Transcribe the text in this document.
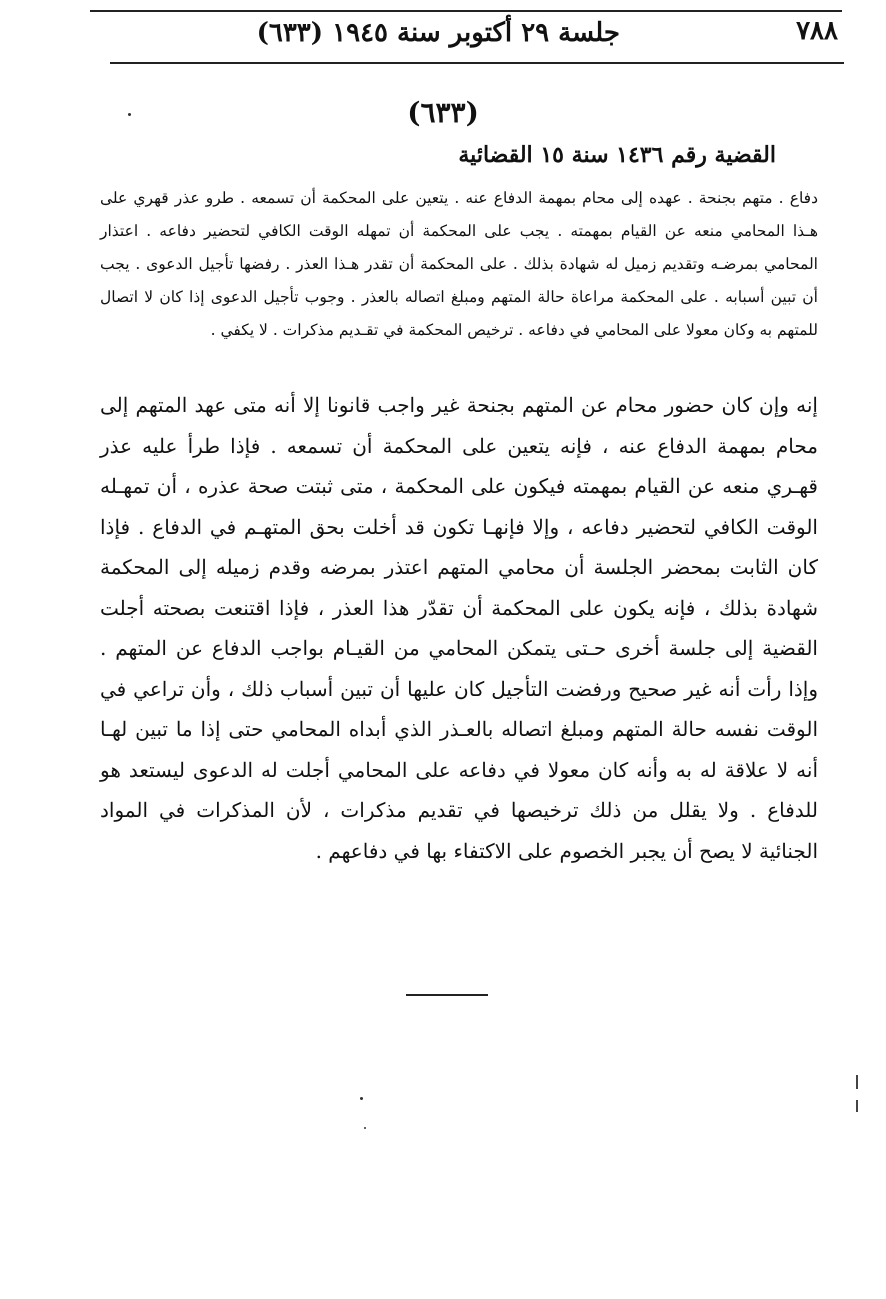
جلسة ٢٩ أكتوبر سنة ١٩٤٥ (٦٣٣)	٧٨٨
(٦٣٣)
القضية رقم ١٤٣٦ سنة ١٥ القضائية
دفاع . متهم بجنحة . عهده إلى محام بمهمة الدفاع عنه . يتعين على المحكمة أن تسمعه . طرو عذر قهري على هـذا المحامي منعه عن القيام بمهمته . يجب على المحكمة أن تمهله الوقت الكافي لتحضير دفاعه . اعتذار المحامي بمرضـه وتقديم زميل له شهادة بذلك . على المحكمة أن تقدر هـذا العذر . رفضها تأجيل الدعوى . يجب أن تبين أسبابه . على المحكمة مراعاة حالة المتهم ومبلغ اتصاله بالعذر . وجوب تأجيل الدعوى إذا كان لا اتصال للمتهم به وكان معولا على المحامي في دفاعه . ترخيص المحكمة في تقـديم مذكرات . لا يكفي .
إنه وإن كان حضور محام عن المتهم بجنحة غير واجب قانونا إلا أنه متى عهد المتهم إلى محام بمهمة الدفاع عنه ، فإنه يتعين على المحكمة أن تسمعه . فإذا طرأ عليه عذر قهـري منعه عن القيام بمهمته فيكون على المحكمة ، متى ثبتت صحة عذره ، أن تمهـله الوقت الكافي لتحضير دفاعه ، وإلا فإنهـا تكون قد أخلت بحق المتهـم في الدفاع . فإذا كان الثابت بمحضر الجلسة أن محامي المتهم اعتذر بمرضه وقدم زميله إلى المحكمة شهادة بذلك ، فإنه يكون على المحكمة أن تقدّر هذا العذر ، فإذا اقتنعت بصحته أجلت القضية إلى جلسة أخرى حـتى يتمكن المحامي من القيـام بواجب الدفاع عن المتهم . وإذا رأت أنه غير صحيح ورفضت التأجيل كان عليها أن تبين أسباب ذلك ، وأن تراعي في الوقت نفسه حالة المتهم ومبلغ اتصاله بالعـذر الذي أبداه المحامي حتى إذا ما تبين لهـا أنه لا علاقة له به وأنه كان معولا في دفاعه على المحامي أجلت له الدعوى ليستعد هو للدفاع . ولا يقلل من ذلك ترخيصها في تقديم مذكرات ، لأن المذكرات في المواد الجنائية لا يصح أن يجبر الخصوم على الاكتفاء بها في دفاعهم .
